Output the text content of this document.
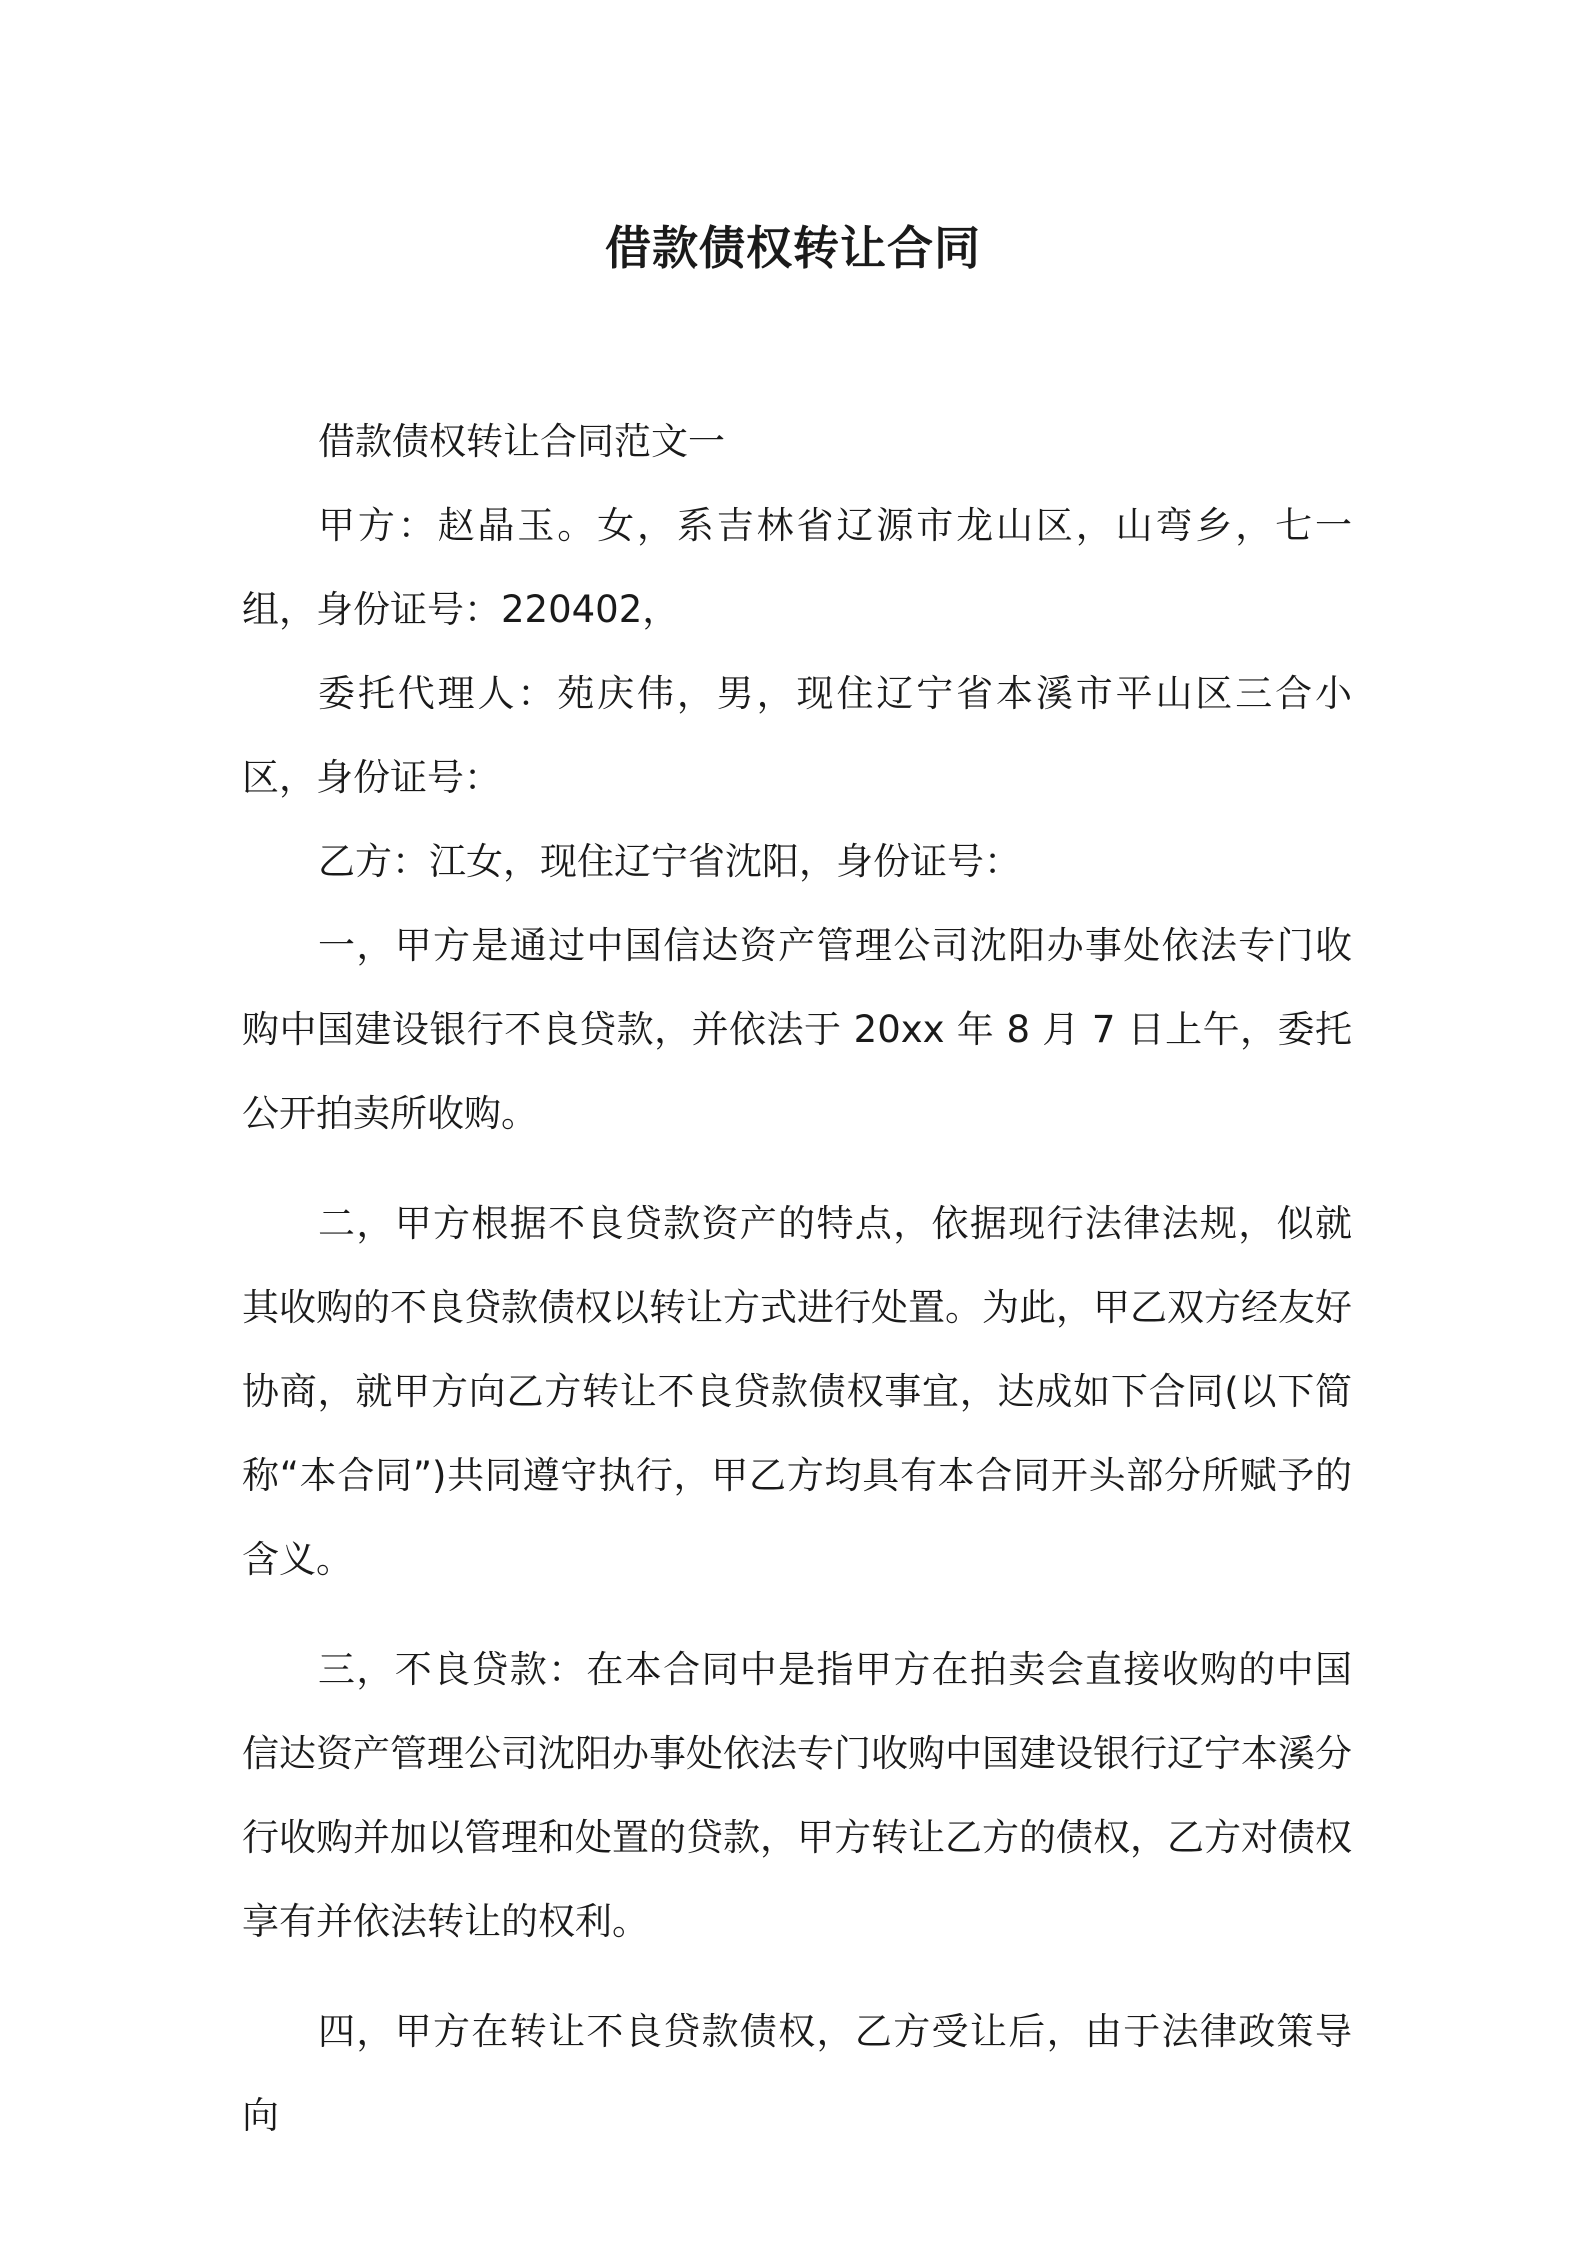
借款债权转让合同

借款债权转让合同范文一

甲方：赵晶玉。女，系吉林省辽源市龙山区，山弯乡，七一组，身份证号：220402，

委托代理人：苑庆伟，男，现住辽宁省本溪市平山区三合小区，身份证号：

乙方：江女，现住辽宁省沈阳，身份证号：

一，甲方是通过中国信达资产管理公司沈阳办事处依法专门收购中国建设银行不良贷款，并依法于 20xx 年 8 月 7 日上午，委托公开拍卖所收购。

二，甲方根据不良贷款资产的特点，依据现行法律法规，似就其收购的不良贷款债权以转让方式进行处置。为此，甲乙双方经友好协商，就甲方向乙方转让不良贷款债权事宜，达成如下合同(以下简称“本合同”)共同遵守执行，甲乙方均具有本合同开头部分所赋予的含义。

三，不良贷款：在本合同中是指甲方在拍卖会直接收购的中国信达资产管理公司沈阳办事处依法专门收购中国建设银行辽宁本溪分行收购并加以管理和处置的贷款，甲方转让乙方的债权，乙方对债权享有并依法转让的权利。

四，甲方在转让不良贷款债权，乙方受让后，由于法律政策导向
